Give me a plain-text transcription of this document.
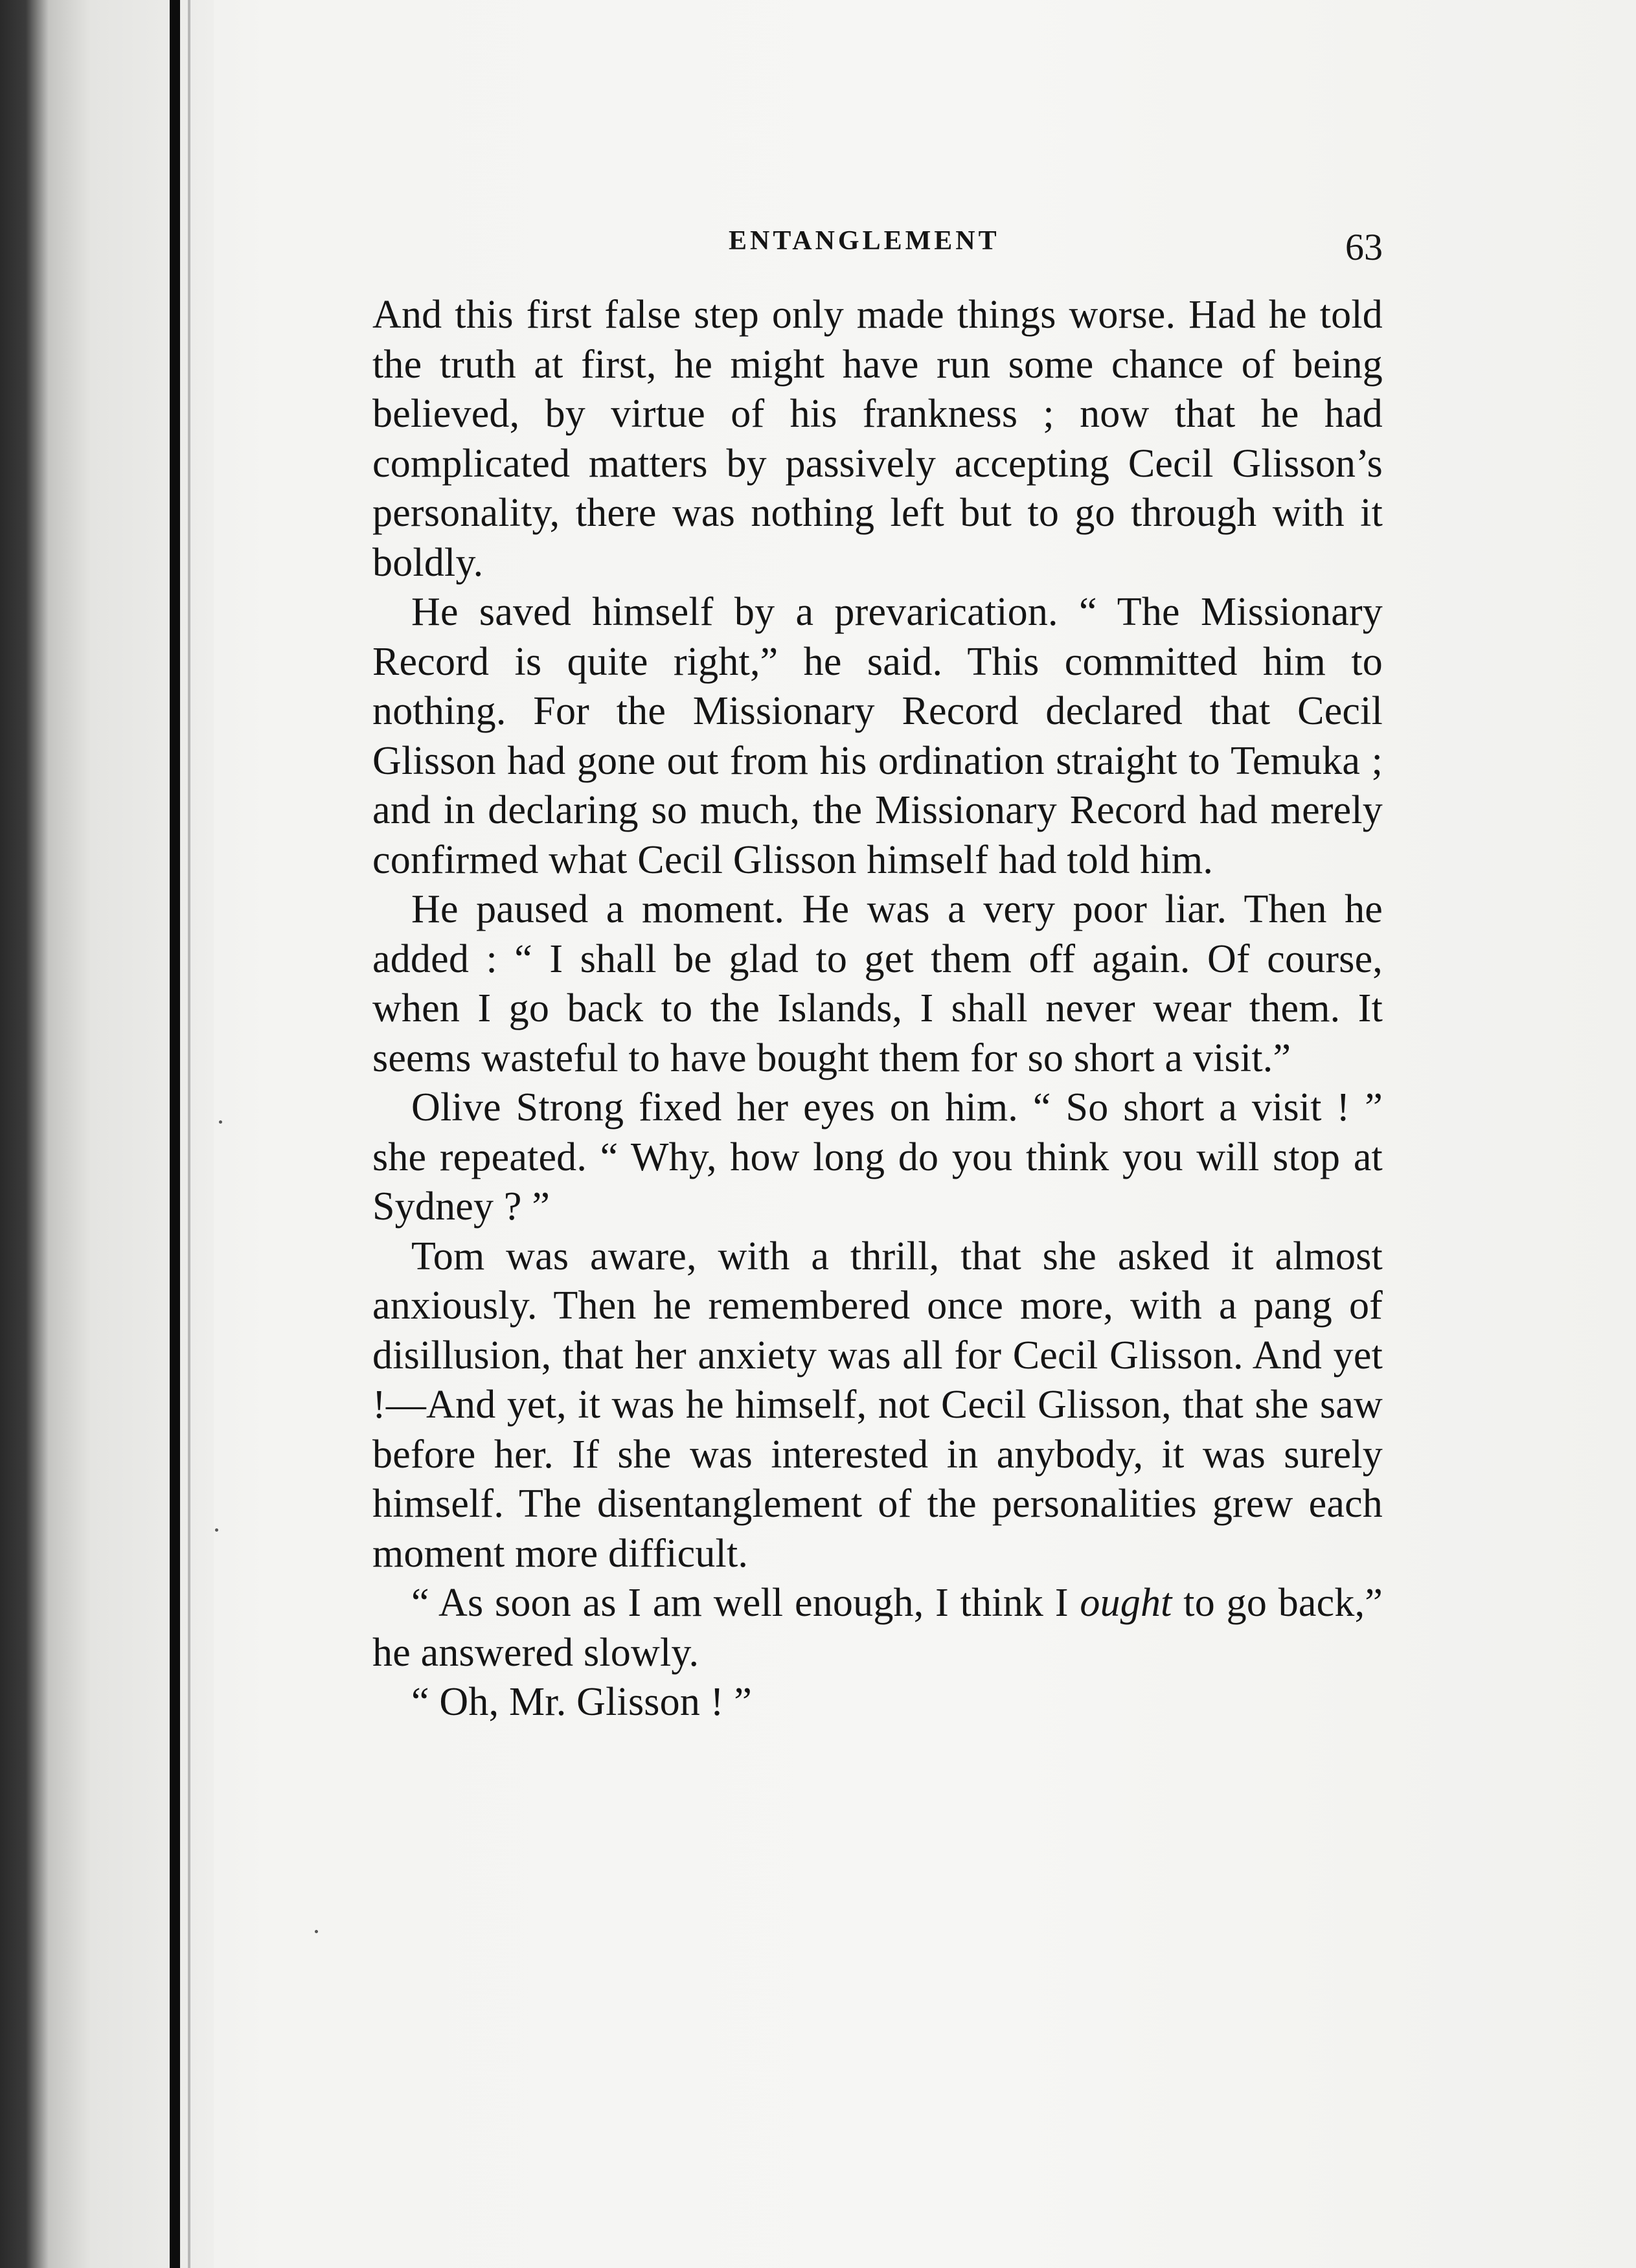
ENTANGLEMENT	63

And this first false step only made things worse. Had he told the truth at first, he might have run some chance of being believed, by virtue of his frankness ; now that he had complicated matters by passively accepting Cecil Glisson’s personality, there was nothing left but to go through with it boldly.

He saved himself by a prevarication. “ The Missionary Record is quite right,” he said. This committed him to nothing. For the Missionary Record declared that Cecil Glisson had gone out from his ordination straight to Temuka ; and in declaring so much, the Missionary Record had merely confirmed what Cecil Glisson himself had told him.

He paused a moment. He was a very poor liar. Then he added : “ I shall be glad to get them off again. Of course, when I go back to the Islands, I shall never wear them. It seems wasteful to have bought them for so short a visit.”

Olive Strong fixed her eyes on him. “ So short a visit ! ” she repeated. “ Why, how long do you think you will stop at Sydney ? ”

Tom was aware, with a thrill, that she asked it almost anxiously. Then he remembered once more, with a pang of disillusion, that her anxiety was all for Cecil Glisson. And yet !—And yet, it was he himself, not Cecil Glisson, that she saw before her. If she was interested in anybody, it was surely himself. The disentanglement of the personalities grew each moment more difficult.

“ As soon as I am well enough, I think I ought to go back,” he answered slowly.

“ Oh, Mr. Glisson ! ”
